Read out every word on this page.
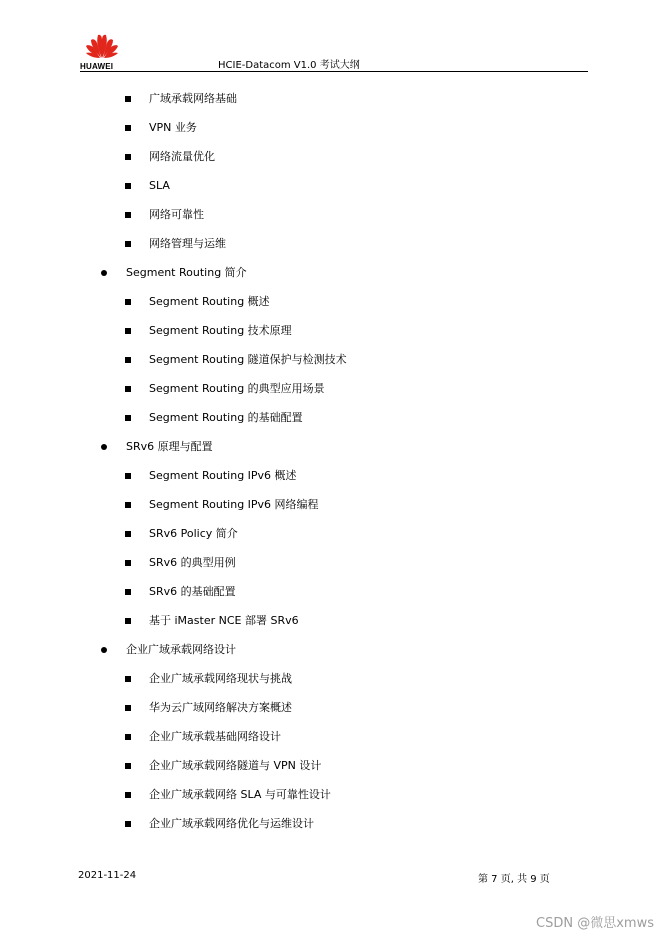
HUAWEI	HCIE-Datacom V1.0 考试大纲
广域承载网络基础
VPN 业务
网络流量优化
SLA
网络可靠性
网络管理与运维
Segment Routing 简介
Segment Routing 概述
Segment Routing 技术原理
Segment Routing 隧道保护与检测技术
Segment Routing 的典型应用场景
Segment Routing 的基础配置
SRv6 原理与配置
Segment Routing IPv6 概述
Segment Routing IPv6 网络编程
SRv6 Policy 简介
SRv6 的典型用例
SRv6 的基础配置
基于 iMaster NCE 部署 SRv6
企业广域承载网络设计
企业广域承载网络现状与挑战
华为云广域网络解决方案概述
企业广域承载基础网络设计
企业广域承载网络隧道与 VPN 设计
企业广域承载网络 SLA 与可靠性设计
企业广域承载网络优化与运维设计
2021-11-24	第 7 页, 共 9 页
CSDN @微思xmws
